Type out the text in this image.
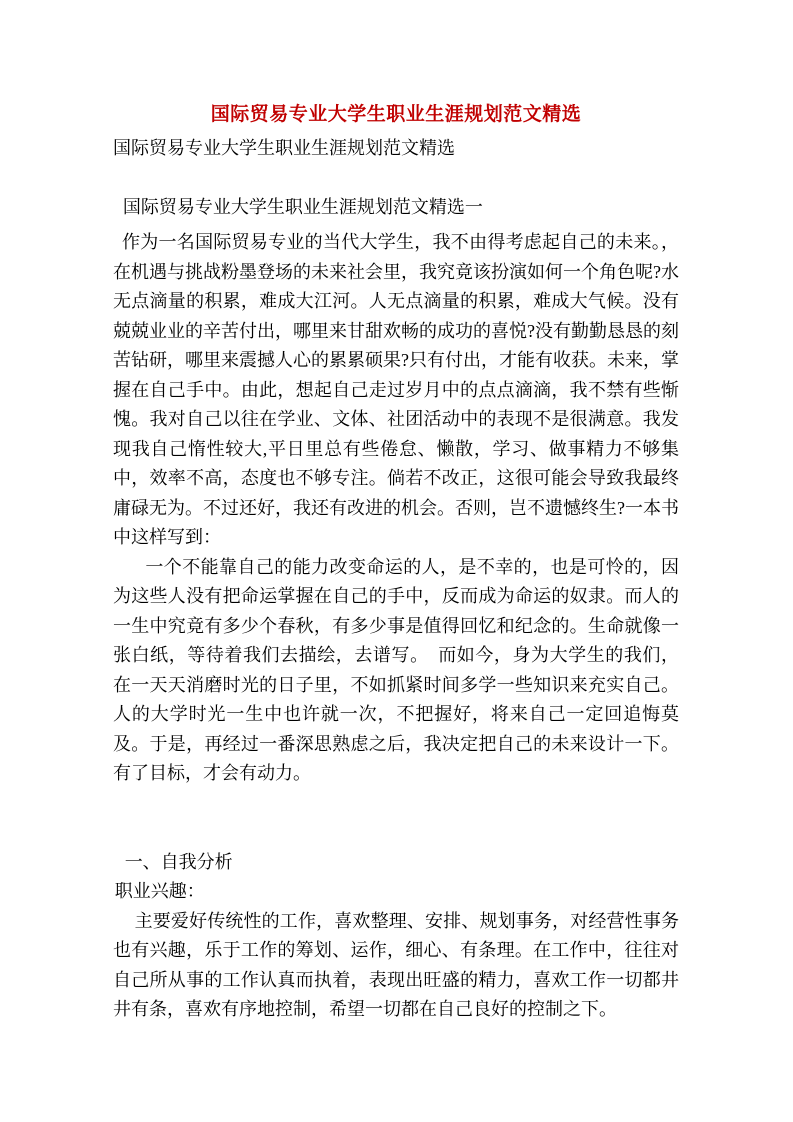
国际贸易专业大学生职业生涯规划范文精选

国际贸易专业大学生职业生涯规划范文精选

国际贸易专业大学生职业生涯规划范文精选一

作为一名国际贸易专业的当代大学生，我不由得考虑起自己的未来。，在机遇与挑战粉墨登场的未来社会里，我究竟该扮演如何一个角色呢?水无点滴量的积累，难成大江河。人无点滴量的积累，难成大气候。没有兢兢业业的辛苦付出，哪里来甘甜欢畅的成功的喜悦?没有勤勤恳恳的刻苦钻研，哪里来震撼人心的累累硕果?只有付出，才能有收获。未来，掌握在自己手中。由此，想起自己走过岁月中的点点滴滴，我不禁有些惭愧。我对自己以往在学业、文体、社团活动中的表现不是很满意。我发现我自己惰性较大,平日里总有些倦怠、懒散，学习、做事精力不够集中，效率不高，态度也不够专注。倘若不改正，这很可能会导致我最终庸碌无为。不过还好，我还有改进的机会。否则，岂不遗憾终生?一本书中这样写到：

一个不能靠自己的能力改变命运的人，是不幸的，也是可怜的，因为这些人没有把命运掌握在自己的手中，反而成为命运的奴隶。而人的一生中究竟有多少个春秋，有多少事是值得回忆和纪念的。生命就像一张白纸，等待着我们去描绘，去谱写。　而如今，身为大学生的我们，在一天天消磨时光的日子里，不如抓紧时间多学一些知识来充实自己。人的大学时光一生中也许就一次，不把握好，将来自己一定回追悔莫及。于是，再经过一番深思熟虑之后，我决定把自己的未来设计一下。有了目标，才会有动力。

一、自我分析

职业兴趣：

主要爱好传统性的工作，喜欢整理、安排、规划事务，对经营性事务也有兴趣，乐于工作的筹划、运作，细心、有条理。在工作中，往往对自己所从事的工作认真而执着，表现出旺盛的精力，喜欢工作一切都井井有条，喜欢有序地控制，希望一切都在自己良好的控制之下。
